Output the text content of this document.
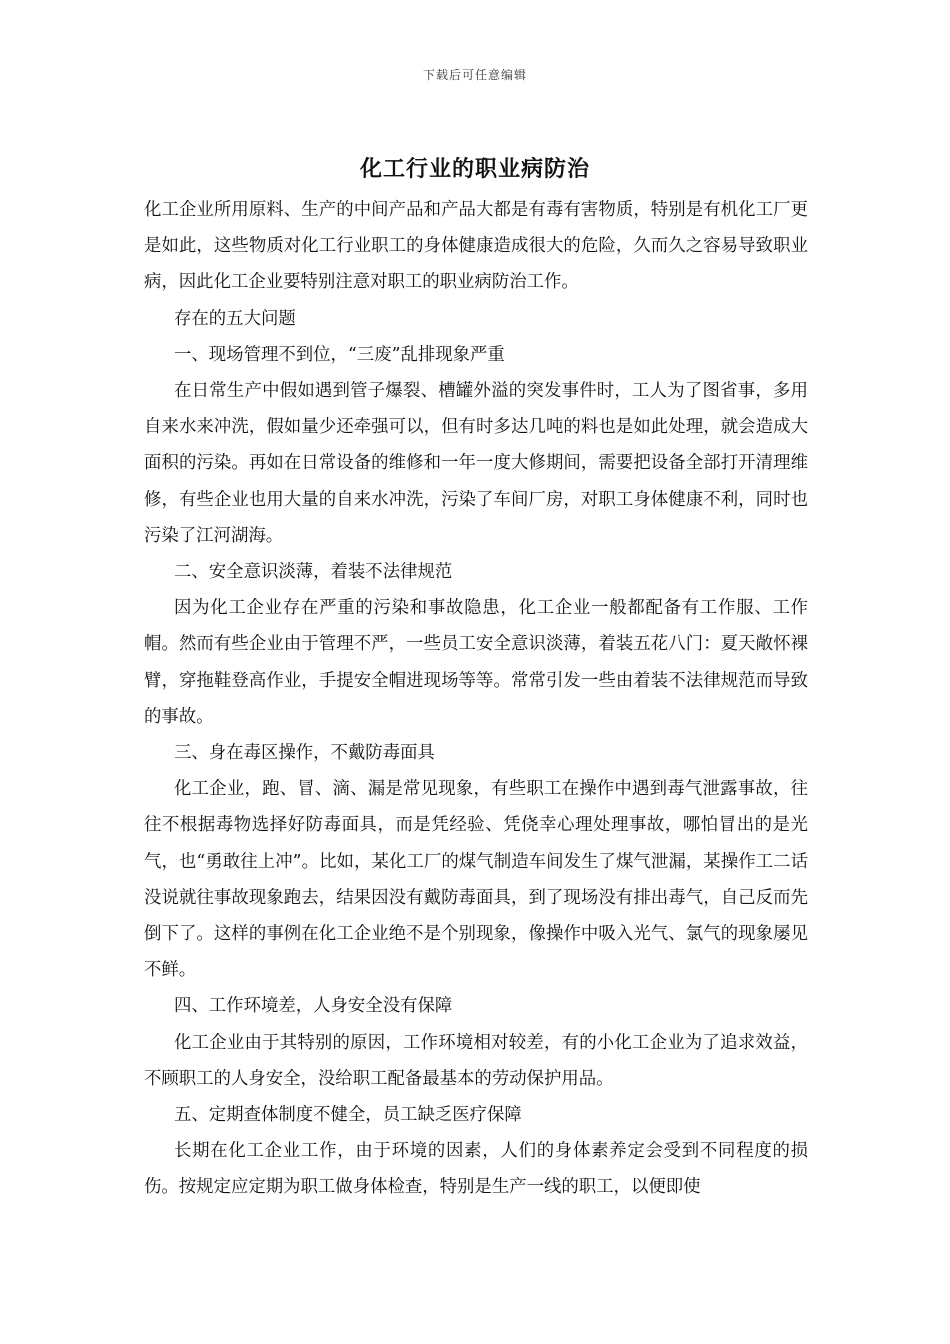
下载后可任意编辑
化工行业的职业病防治

化工企业所用原料、生产的中间产品和产品大都是有毒有害物质，特别是有机化工厂更是如此，这些物质对化工行业职工的身体健康造成很大的危险，久而久之容易导致职业病，因此化工企业要特别注意对职工的职业病防治工作。

存在的五大问题

一、现场管理不到位，“三废”乱排现象严重

在日常生产中假如遇到管子爆裂、槽罐外溢的突发事件时，工人为了图省事，多用自来水来冲洗，假如量少还牵强可以，但有时多达几吨的料也是如此处理，就会造成大面积的污染。再如在日常设备的维修和一年一度大修期间，需要把设备全部打开清理维修，有些企业也用大量的自来水冲洗，污染了车间厂房，对职工身体健康不利，同时也污染了江河湖海。

二、安全意识淡薄，着装不法律规范

因为化工企业存在严重的污染和事故隐患，化工企业一般都配备有工作服、工作帽。然而有些企业由于管理不严，一些员工安全意识淡薄，着装五花八门：夏天敞怀裸臂，穿拖鞋登高作业，手提安全帽进现场等等。常常引发一些由着装不法律规范而导致的事故。

三、身在毒区操作，不戴防毒面具

化工企业，跑、冒、滴、漏是常见现象，有些职工在操作中遇到毒气泄露事故，往往不根据毒物选择好防毒面具，而是凭经验、凭侥幸心理处理事故，哪怕冒出的是光气，也“勇敢往上冲”。比如，某化工厂的煤气制造车间发生了煤气泄漏，某操作工二话没说就往事故现象跑去，结果因没有戴防毒面具，到了现场没有排出毒气，自己反而先倒下了。这样的事例在化工企业绝不是个别现象，像操作中吸入光气、氯气的现象屡见不鲜。

四、工作环境差，人身安全没有保障

化工企业由于其特别的原因，工作环境相对较差，有的小化工企业为了追求效益，不顾职工的人身安全，没给职工配备最基本的劳动保护用品。

五、定期查体制度不健全，员工缺乏医疗保障

长期在化工企业工作，由于环境的因素，人们的身体素养定会受到不同程度的损伤。按规定应定期为职工做身体检查，特别是生产一线的职工，以便即使
